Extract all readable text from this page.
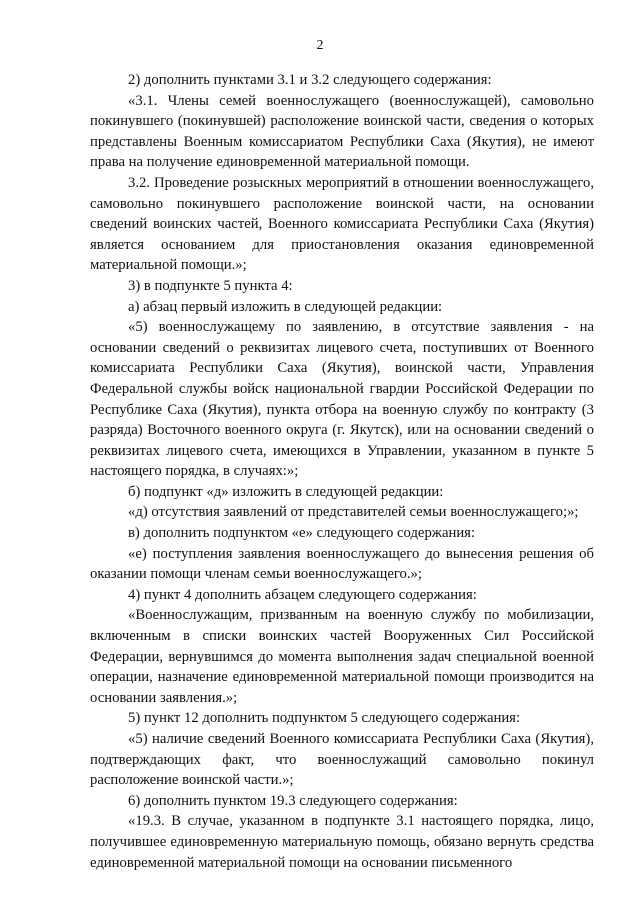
2

2) дополнить пунктами 3.1 и 3.2 следующего содержания:

«3.1. Члены семей военнослужащего (военнослужащей), самовольно покинувшего (покинувшей) расположение воинской части, сведения о которых представлены Военным комиссариатом Республики Саха (Якутия), не имеют права на получение единовременной материальной помощи.

3.2. Проведение розыскных мероприятий в отношении военнослужащего, самовольно покинувшего расположение воинской части, на основании сведений воинских частей, Военного комиссариата Республики Саха (Якутия) является основанием для приостановления оказания единовременной материальной помощи.»;

3) в подпункте 5 пункта 4:

а) абзац первый изложить в следующей редакции:

«5) военнослужащему по заявлению, в отсутствие заявления - на основании сведений о реквизитах лицевого счета, поступивших от Военного комиссариата Республики Саха (Якутия), воинской части, Управления Федеральной службы войск национальной гвардии Российской Федерации по Республике Саха (Якутия), пункта отбора на военную службу по контракту (3 разряда) Восточного военного округа (г. Якутск), или на основании сведений о реквизитах лицевого счета, имеющихся в Управлении, указанном в пункте 5 настоящего порядка, в случаях:»;

б) подпункт «д» изложить в следующей редакции:

«д) отсутствия заявлений от представителей семьи военнослужащего;»;

в) дополнить подпунктом «е» следующего содержания:

«е) поступления заявления военнослужащего до вынесения решения об оказании помощи членам семьи военнослужащего.»;

4) пункт 4 дополнить абзацем следующего содержания:

«Военнослужащим, призванным на военную службу по мобилизации, включенным в списки воинских частей Вооруженных Сил Российской Федерации, вернувшимся до момента выполнения задач специальной военной операции, назначение единовременной материальной помощи производится на основании заявления.»;

5) пункт 12 дополнить подпунктом 5 следующего содержания:

«5) наличие сведений Военного комиссариата Республики Саха (Якутия), подтверждающих факт, что военнослужащий самовольно покинул расположение воинской части.»;

6) дополнить пунктом 19.3 следующего содержания:

«19.3. В случае, указанном в подпункте 3.1 настоящего порядка, лицо, получившее единовременную материальную помощь, обязано вернуть средства единовременной материальной помощи на основании письменного
